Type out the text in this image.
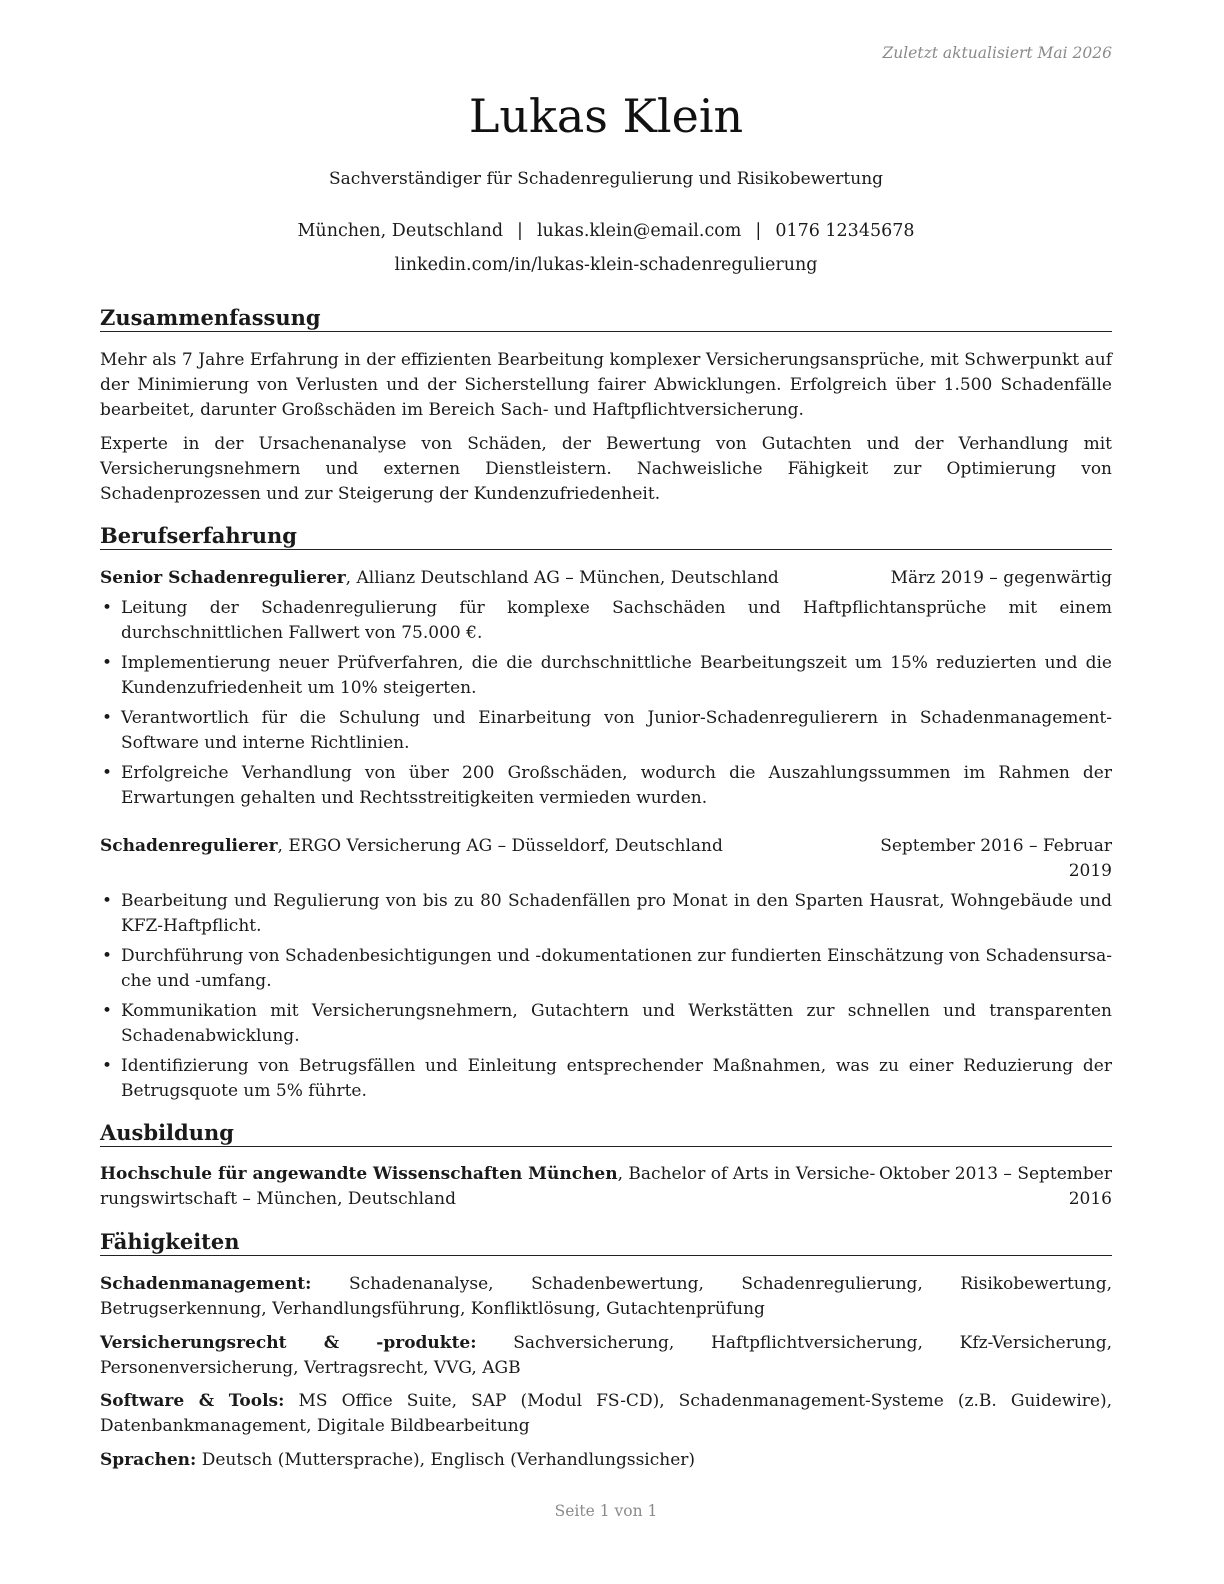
Zuletzt aktualisiert Mai 2026
Lukas Klein
Sachverständiger für Schadenregulierung und Risikobewertung
München, Deutschland | lukas.klein@email.com | 0176 12345678
linkedin.com/in/lukas-klein-schadenregulierung
Zusammenfassung
Mehr als 7 Jahre Erfahrung in der effizienten Bearbeitung komplexer Versicherungsansprüche, mit Schwerpunkt auf der Minimierung von Verlusten und der Sicherstellung fairer Abwicklungen. Erfolgreich über 1.500 Schadenfälle bearbeitet, darunter Großschäden im Bereich Sach- und Haftpflichtversicherung.
Experte in der Ursachenanalyse von Schäden, der Bewertung von Gutachten und der Verhandlung mit Versicherungsnehmern und externen Dienstleistern. Nachweisliche Fähigkeit zur Optimierung von Schadenprozessen und zur Steigerung der Kundenzufriedenheit.
Berufserfahrung
Senior Schadenregulierer, Allianz Deutschland AG – München, Deutschland	März 2019 – gegenwärtig
• Leitung der Schadenregulierung für komplexe Sachschäden und Haftpflichtansprüche mit einem durchschnittlichen Fallwert von 75.000 €.
• Implementierung neuer Prüfverfahren, die die durchschnittliche Bearbeitungszeit um 15% reduzierten und die Kundenzufriedenheit um 10% steigerten.
• Verantwortlich für die Schulung und Einarbeitung von Junior-Schadenregulierern in Schadenmanagement-Software und interne Richtlinien.
• Erfolgreiche Verhandlung von über 200 Großschäden, wodurch die Auszahlungssummen im Rahmen der Erwartungen gehalten und Rechtsstreitigkeiten vermieden wurden.
Schadenregulierer, ERGO Versicherung AG – Düsseldorf, Deutschland	September 2016 – Februar
2019
• Bearbeitung und Regulierung von bis zu 80 Schadenfällen pro Monat in den Sparten Hausrat, Wohngebäude und KFZ-Haftpflicht.
• Durchführung von Schadenbesichtigungen und -dokumentationen zur fundierten Einschätzung von Schadensursache und -umfang.
• Kommunikation mit Versicherungsnehmern, Gutachtern und Werkstätten zur schnellen und transparenten Schadenabwicklung.
• Identifizierung von Betrugsfällen und Einleitung entsprechender Maßnahmen, was zu einer Reduzierung der Betrugsquote um 5% führte.
Ausbildung
Hochschule für angewandte Wissenschaften München, Bachelor of Arts in Versiche-
rungswirtschaft – München, Deutschland
Oktober 2013 – September
2016
Fähigkeiten
Schadenmanagement: Schadenanalyse, Schadenbewertung, Schadenregulierung, Risikobewertung, Betrugserkennung, Verhandlungsführung, Konfliktlösung, Gutachtenprüfung
Versicherungsrecht & -produkte: Sachversicherung, Haftpflichtversicherung, Kfz-Versicherung, Personenversicherung, Vertragsrecht, VVG, AGB
Software & Tools: MS Office Suite, SAP (Modul FS-CD), Schadenmanagement-Systeme (z.B. Guidewire), Datenbankmanagement, Digitale Bildbearbeitung
Sprachen: Deutsch (Muttersprache), Englisch (Verhandlungssicher)
Seite 1 von 1
